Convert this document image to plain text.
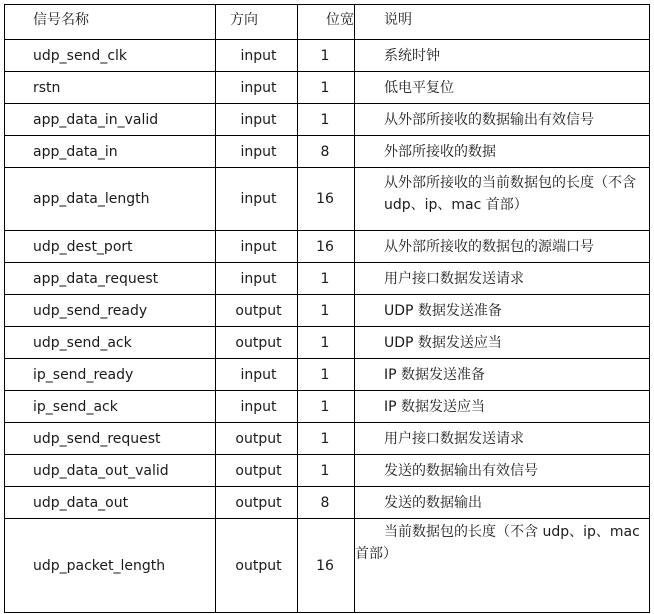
信号名称	方向	位宽	说明
udp_send_clk	input	1	系统时钟
rstn	input	1	低电平复位
app_data_in_valid	input	1	从外部所接收的数据输出有效信号
app_data_in	input	8	外部所接收的数据
app_data_length	input	16	从外部所接收的当前数据包的长度（不含 udp、ip、mac 首部）
udp_dest_port	input	16	从外部所接收的数据包的源端口号
app_data_request	input	1	用户接口数据发送请求
udp_send_ready	output	1	UDP 数据发送准备
udp_send_ack	output	1	UDP 数据发送应当
ip_send_ready	input	1	IP 数据发送准备
ip_send_ack	input	1	IP 数据发送应当
udp_send_request	output	1	用户接口数据发送请求
udp_data_out_valid	output	1	发送的数据输出有效信号
udp_data_out	output	8	发送的数据输出
udp_packet_length	output	16	当前数据包的长度（不含 udp、ip、mac 首部）
